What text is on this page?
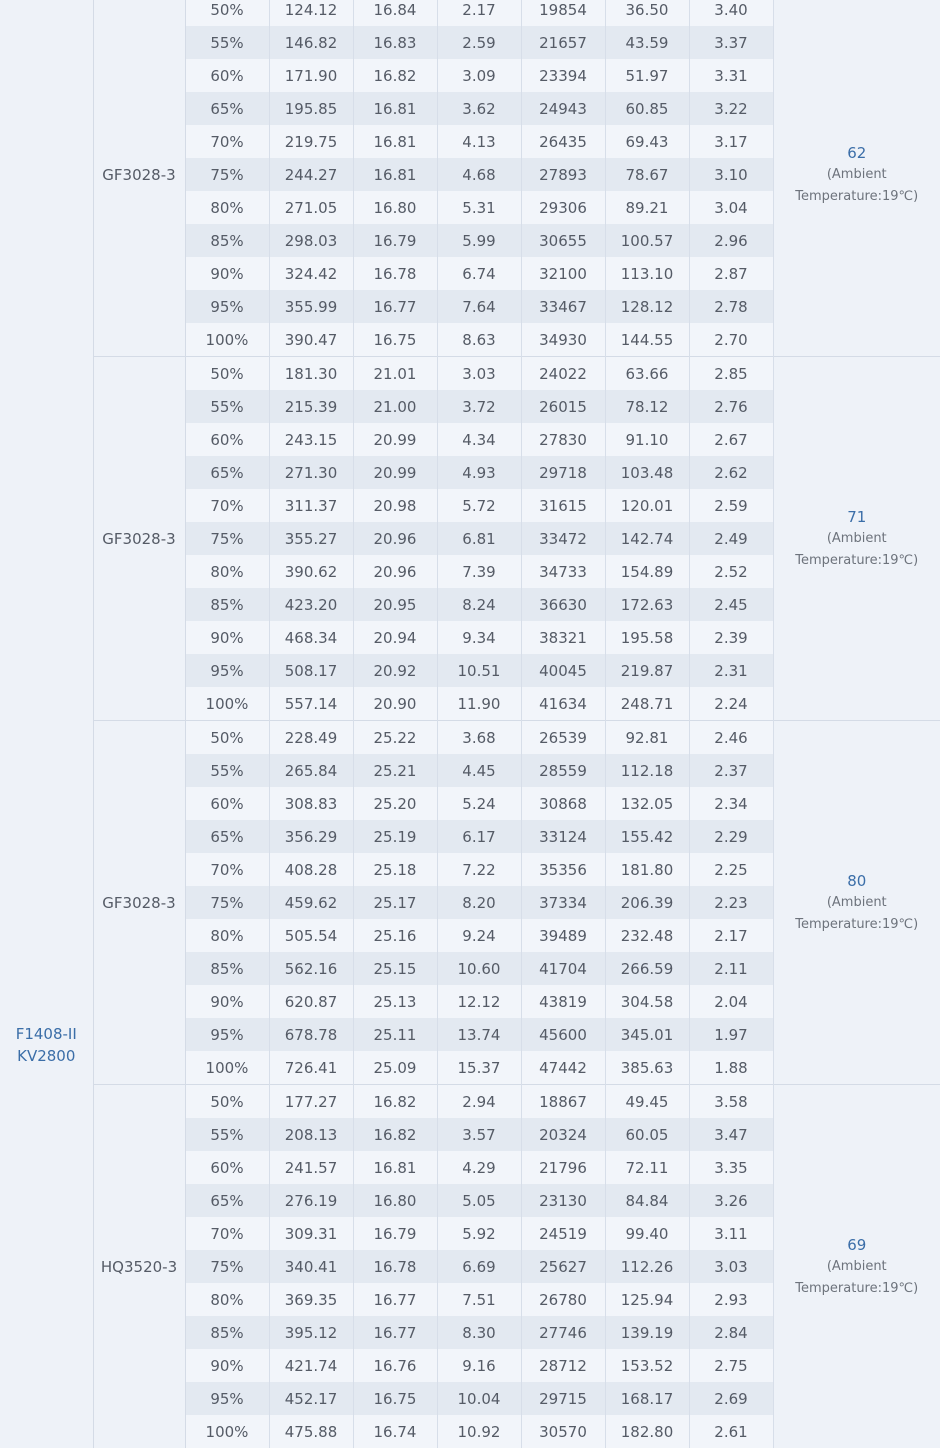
F1408-II
KV2800	GF3028-3	50%	124.12	16.84	2.17	19854	36.50	3.40	62
(Ambient
Temperature:19℃)

		55%	146.82	16.83	2.59	21657	43.59	3.37	
		60%	171.90	16.82	3.09	23394	51.97	3.31	
		65%	195.85	16.81	3.62	24943	60.85	3.22	
		70%	219.75	16.81	4.13	26435	69.43	3.17	
		75%	244.27	16.81	4.68	27893	78.67	3.10	
		80%	271.05	16.80	5.31	29306	89.21	3.04	
		85%	298.03	16.79	5.99	30655	100.57	2.96	
		90%	324.42	16.78	6.74	32100	113.10	2.87	
		95%	355.99	16.77	7.64	33467	128.12	2.78	
		100%	390.47	16.75	8.63	34930	144.55	2.70	
	GF3028-3	50%	181.30	21.01	3.03	24022	63.66	2.85	71
(Ambient
Temperature:19℃)

		55%	215.39	21.00	3.72	26015	78.12	2.76	
		60%	243.15	20.99	4.34	27830	91.10	2.67	
		65%	271.30	20.99	4.93	29718	103.48	2.62	
		70%	311.37	20.98	5.72	31615	120.01	2.59	
		75%	355.27	20.96	6.81	33472	142.74	2.49	
		80%	390.62	20.96	7.39	34733	154.89	2.52	
		85%	423.20	20.95	8.24	36630	172.63	2.45	
		90%	468.34	20.94	9.34	38321	195.58	2.39	
		95%	508.17	20.92	10.51	40045	219.87	2.31	
		100%	557.14	20.90	11.90	41634	248.71	2.24	
	GF3028-3	50%	228.49	25.22	3.68	26539	92.81	2.46	80
(Ambient
Temperature:19℃)

		55%	265.84	25.21	4.45	28559	112.18	2.37	
		60%	308.83	25.20	5.24	30868	132.05	2.34	
		65%	356.29	25.19	6.17	33124	155.42	2.29	
		70%	408.28	25.18	7.22	35356	181.80	2.25	
		75%	459.62	25.17	8.20	37334	206.39	2.23	
		80%	505.54	25.16	9.24	39489	232.48	2.17	
		85%	562.16	25.15	10.60	41704	266.59	2.11	
		90%	620.87	25.13	12.12	43819	304.58	2.04	
		95%	678.78	25.11	13.74	45600	345.01	1.97	
		100%	726.41	25.09	15.37	47442	385.63	1.88	
	HQ3520-3	50%	177.27	16.82	2.94	18867	49.45	3.58	69
(Ambient
Temperature:19℃)

		55%	208.13	16.82	3.57	20324	60.05	3.47	
		60%	241.57	16.81	4.29	21796	72.11	3.35	
		65%	276.19	16.80	5.05	23130	84.84	3.26	
		70%	309.31	16.79	5.92	24519	99.40	3.11	
		75%	340.41	16.78	6.69	25627	112.26	3.03	
		80%	369.35	16.77	7.51	26780	125.94	2.93	
		85%	395.12	16.77	8.30	27746	139.19	2.84	
		90%	421.74	16.76	9.16	28712	153.52	2.75	
		95%	452.17	16.75	10.04	29715	168.17	2.69	
		100%	475.88	16.74	10.92	30570	182.80	2.61	
